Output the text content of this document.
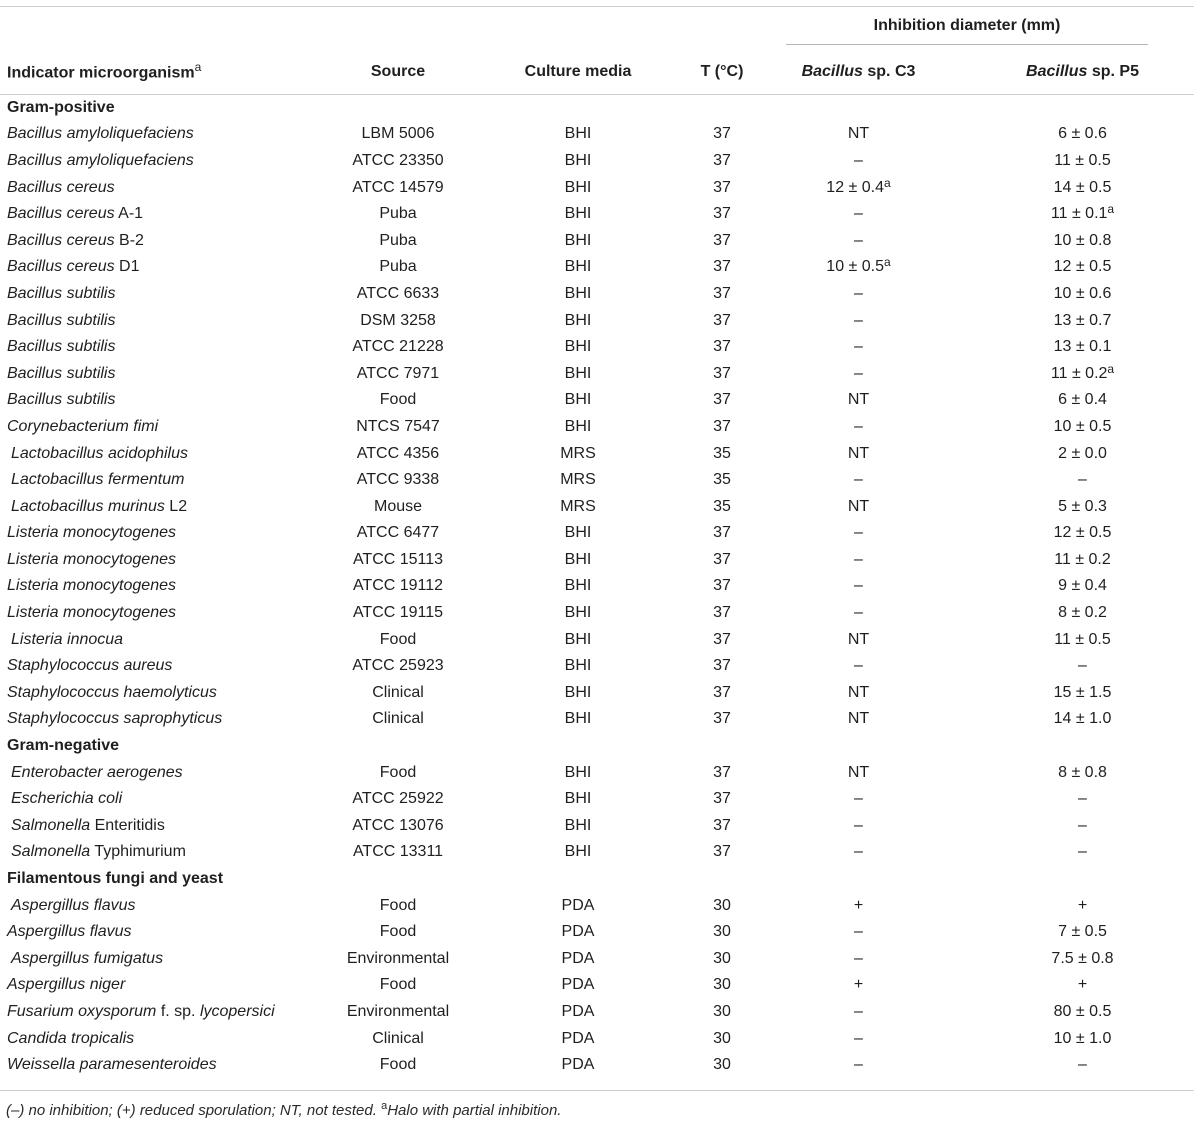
				Inhibition diameter (mm)	

Indicator microorganism$^a$	Source	Culture media	T (°C)	Bacillus sp. C3	Bacillus sp. P5
Gram-positive					
Bacillus amyloliquefaciens	LBM 5006	BHI	37	NT	6 ± 0.6
Bacillus amyloliquefaciens	ATCC 23350	BHI	37	–	11 ± 0.5
Bacillus cereus	ATCC 14579	BHI	37	12 ± 0.4$^a$	14 ± 0.5
Bacillus cereus A-1	Puba	BHI	37	–	11 ± 0.1$^a$
Bacillus cereus B-2	Puba	BHI	37	–	10 ± 0.8
Bacillus cereus D1	Puba	BHI	37	10 ± 0.5$^a$	12 ± 0.5
Bacillus subtilis	ATCC 6633	BHI	37	–	10 ± 0.6
Bacillus subtilis	DSM 3258	BHI	37	–	13 ± 0.7
Bacillus subtilis	ATCC 21228	BHI	37	–	13 ± 0.1
Bacillus subtilis	ATCC 7971	BHI	37	–	11 ± 0.2$^a$
Bacillus subtilis	Food	BHI	37	NT	6 ± 0.4
Corynebacterium fimi	NTCS 7547	BHI	37	–	10 ± 0.5
Lactobacillus acidophilus	ATCC 4356	MRS	35	NT	2 ± 0.0
Lactobacillus fermentum	ATCC 9338	MRS	35	–	–
Lactobacillus murinus L2	Mouse	MRS	35	NT	5 ± 0.3
Listeria monocytogenes	ATCC 6477	BHI	37	–	12 ± 0.5
Listeria monocytogenes	ATCC 15113	BHI	37	–	11 ± 0.2
Listeria monocytogenes	ATCC 19112	BHI	37	–	9 ± 0.4
Listeria monocytogenes	ATCC 19115	BHI	37	–	8 ± 0.2
Listeria innocua	Food	BHI	37	NT	11 ± 0.5
Staphylococcus aureus	ATCC 25923	BHI	37	–	–
Staphylococcus haemolyticus	Clinical	BHI	37	NT	15 ± 1.5
Staphylococcus saprophyticus	Clinical	BHI	37	NT	14 ± 1.0
Gram-negative					
Enterobacter aerogenes	Food	BHI	37	NT	8 ± 0.8
Escherichia coli	ATCC 25922	BHI	37	–	–
Salmonella Enteritidis	ATCC 13076	BHI	37	–	–
Salmonella Typhimurium	ATCC 13311	BHI	37	–	–
Filamentous fungi and yeast					
Aspergillus flavus	Food	PDA	30	+	+
Aspergillus flavus	Food	PDA	30	–	7 ± 0.5
Aspergillus fumigatus	Environmental	PDA	30	–	7.5 ± 0.8
Aspergillus niger	Food	PDA	30	+	+
Fusarium oxysporum f. sp. lycopersici	Environmental	PDA	30	–	80 ± 0.5
Candida tropicalis	Clinical	PDA	30	–	10 ± 1.0
Weissella paramesenteroides	Food	PDA	30	–	–
(–) no inhibition; (+) reduced sporulation; NT, not tested. $^a$Halo with partial inhibition.
